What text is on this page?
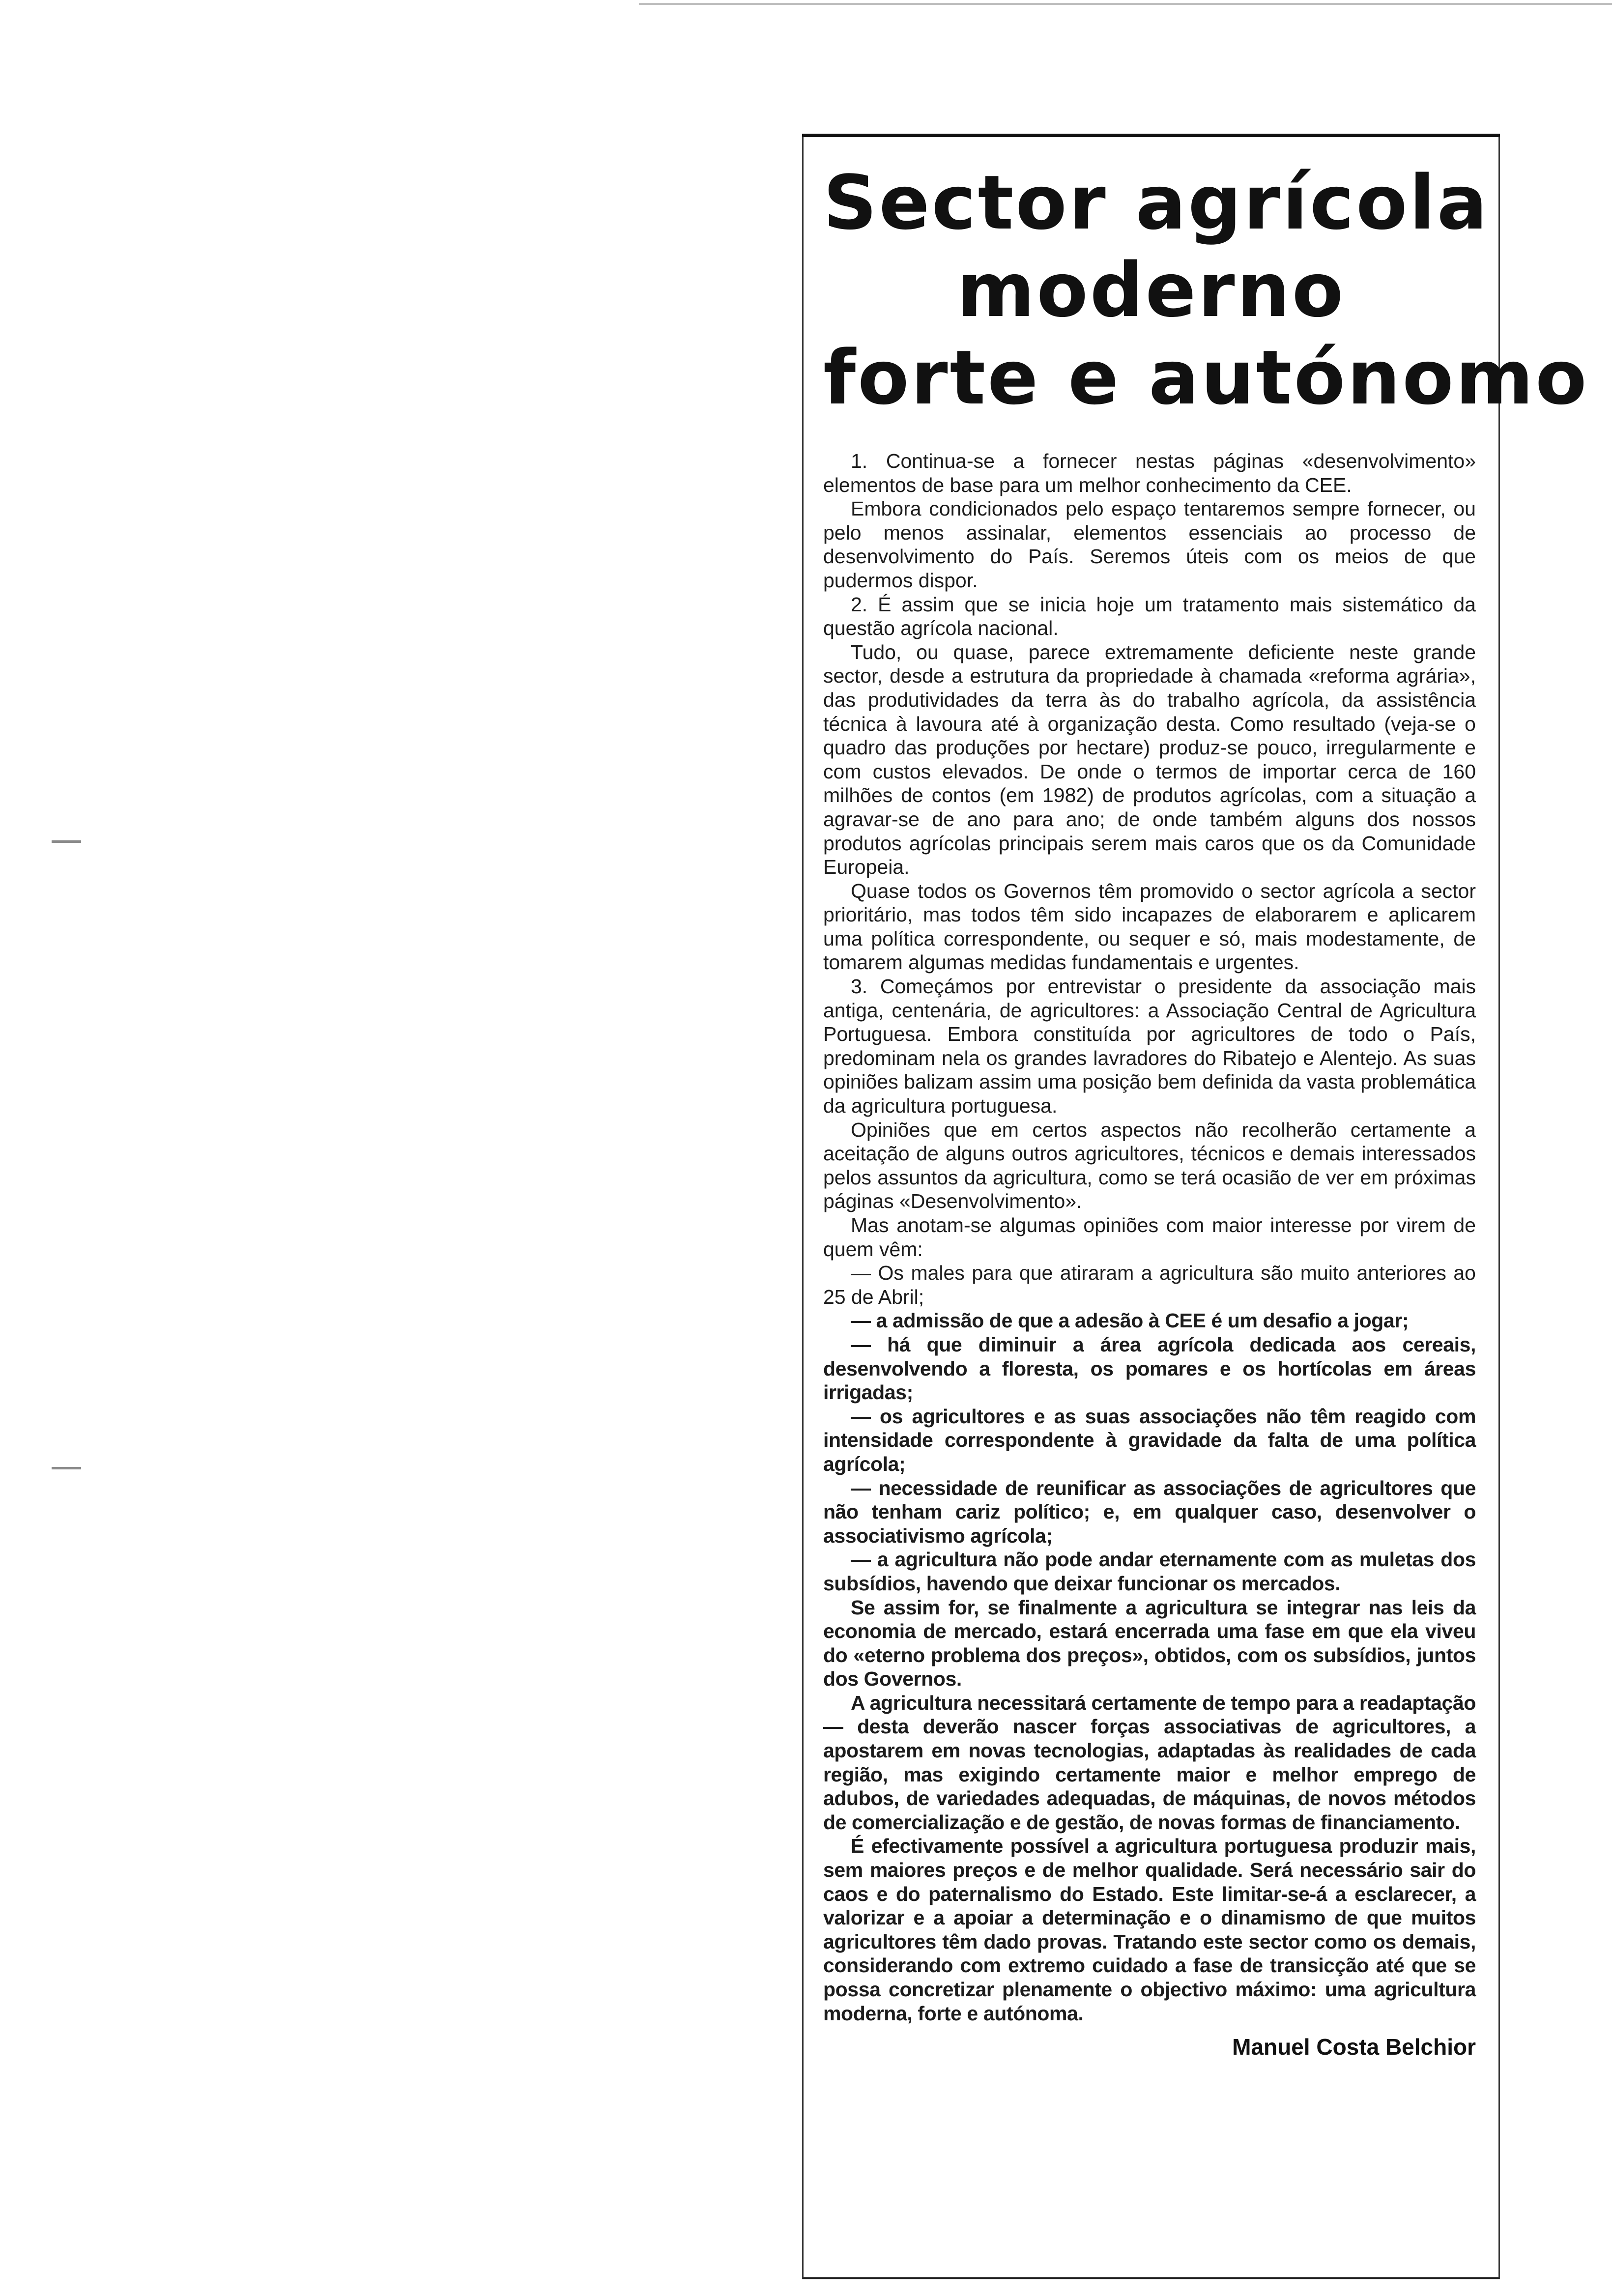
Sector agrícola
moderno
forte e autónomo

1. Continua-se a fornecer nestas páginas «desenvolvimento» elementos de base para um melhor conhecimento da CEE.

Embora condicionados pelo espaço tentaremos sempre fornecer, ou pelo menos assinalar, elementos essenciais ao processo de desenvolvimento do País. Seremos úteis com os meios de que pudermos dispor.

2. É assim que se inicia hoje um tratamento mais sistemático da questão agrícola nacional.

Tudo, ou quase, parece extremamente deficiente neste grande sector, desde a estrutura da propriedade à chamada «reforma agrária», das produtividades da terra às do trabalho agrícola, da assistência técnica à lavoura até à organização desta. Como resultado (veja-se o quadro das produções por hectare) produz-se pouco, irregularmente e com custos elevados. De onde o termos de importar cerca de 160 milhões de contos (em 1982) de produtos agrícolas, com a situação a agravar-se de ano para ano; de onde também alguns dos nossos produtos agrícolas principais serem mais caros que os da Comunidade Europeia.

Quase todos os Governos têm promovido o sector agrícola a sector prioritário, mas todos têm sido incapazes de elaborarem e aplicarem uma política correspondente, ou sequer e só, mais modestamente, de tomarem algumas medidas fundamentais e urgentes.

3. Começámos por entrevistar o presidente da associação mais antiga, centenária, de agricultores: a Associação Central de Agricultura Portuguesa. Embora constituída por agricultores de todo o País, predominam nela os grandes lavradores do Ribatejo e Alentejo. As suas opiniões balizam assim uma posição bem definida da vasta problemática da agricultura portuguesa.

Opiniões que em certos aspectos não recolherão certamente a aceitação de alguns outros agricultores, técnicos e demais interessados pelos assuntos da agricultura, como se terá ocasião de ver em próximas páginas «Desenvolvimento».

Mas anotam-se algumas opiniões com maior interesse por virem de quem vêm:

— Os males para que atiraram a agricultura são muito anteriores ao 25 de Abril;

— a admissão de que a adesão à CEE é um desafio a jogar;

— há que diminuir a área agrícola dedicada aos cereais, desenvolvendo a floresta, os pomares e os hortícolas em áreas irrigadas;

— os agricultores e as suas associações não têm reagido com intensidade correspondente à gravidade da falta de uma política agrícola;

— necessidade de reunificar as associações de agricultores que não tenham cariz político; e, em qualquer caso, desenvolver o associativismo agrícola;

— a agricultura não pode andar eternamente com as muletas dos subsídios, havendo que deixar funcionar os mercados.

Se assim for, se finalmente a agricultura se integrar nas leis da economia de mercado, estará encerrada uma fase em que ela viveu do «eterno problema dos preços», obtidos, com os subsídios, juntos dos Governos.

A agricultura necessitará certamente de tempo para a readaptação — desta deverão nascer forças associativas de agricultores, a apostarem em novas tecnologias, adaptadas às realidades de cada região, mas exigindo certamente maior e melhor emprego de adubos, de variedades adequadas, de máquinas, de novos métodos de comercialização e de gestão, de novas formas de financiamento.

É efectivamente possível a agricultura portuguesa produzir mais, sem maiores preços e de melhor qualidade. Será necessário sair do caos e do paternalismo do Estado. Este limitar-se-á a esclarecer, a valorizar e a apoiar a determinação e o dinamismo de que muitos agricultores têm dado provas. Tratando este sector como os demais, considerando com extremo cuidado a fase de transicção até que se possa concretizar plenamente o objectivo máximo: uma agricultura moderna, forte e autónoma.

Manuel Costa Belchior
